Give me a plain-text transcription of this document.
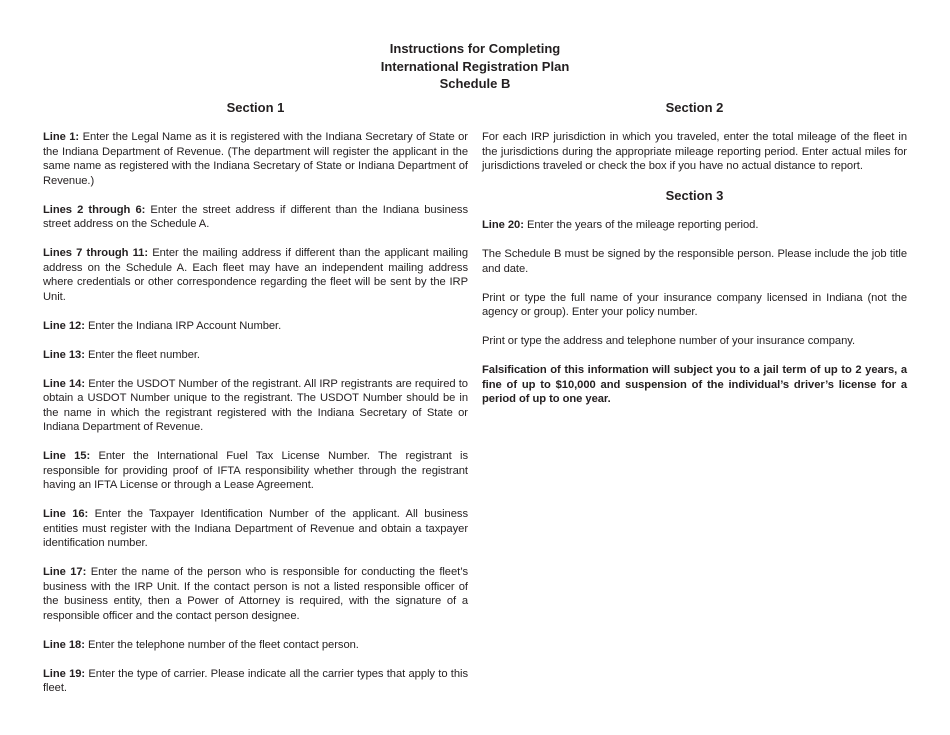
Instructions for Completing
International Registration Plan
Schedule B
Section 1

Line 1: Enter the Legal Name as it is registered with the Indiana Secretary of State or the Indiana Department of Revenue. (The department will register the applicant in the same name as registered with the Indiana Secretary of State or Indiana Department of Revenue.)

Lines 2 through 6: Enter the street address if different than the Indiana business street address on the Schedule A.

Lines 7 through 11: Enter the mailing address if different than the applicant mailing address on the Schedule A. Each fleet may have an independent mailing address where credentials or other correspondence regarding the fleet will be sent by the IRP Unit.

Line 12: Enter the Indiana IRP Account Number.

Line 13: Enter the fleet number.

Line 14: Enter the USDOT Number of the registrant. All IRP registrants are required to obtain a USDOT Number unique to the registrant. The USDOT Number should be in the name in which the registrant registered with the Indiana Secretary of State or Indiana Department of Revenue.

Line 15: Enter the International Fuel Tax License Number. The registrant is responsible for providing proof of IFTA responsibility whether through the registrant having an IFTA License or through a Lease Agreement.

Line 16: Enter the Taxpayer Identification Number of the applicant. All business entities must register with the Indiana Department of Revenue and obtain a taxpayer identification number.

Line 17: Enter the name of the person who is responsible for conducting the fleet’s business with the IRP Unit. If the contact person is not a listed responsible officer of the business entity, then a Power of Attorney is required, with the signature of a responsible officer and the contact person designee.

Line 18: Enter the telephone number of the fleet contact person.

Line 19: Enter the type of carrier. Please indicate all the carrier types that apply to this fleet.

Section 2

For each IRP jurisdiction in which you traveled, enter the total mileage of the fleet in the jurisdictions during the appropriate mileage reporting period. Enter actual miles for jurisdictions traveled or check the box if you have no actual distance to report.

Section 3

Line 20: Enter the years of the mileage reporting period.

The Schedule B must be signed by the responsible person. Please include the job title and date.

Print or type the full name of your insurance company licensed in Indiana (not the agency or group). Enter your policy number.

Print or type the address and telephone number of your insurance company.

Falsification of this information will subject you to a jail term of up to 2 years, a fine of up to $10,000 and suspension of the individual’s driver’s license for a period of up to one year.
